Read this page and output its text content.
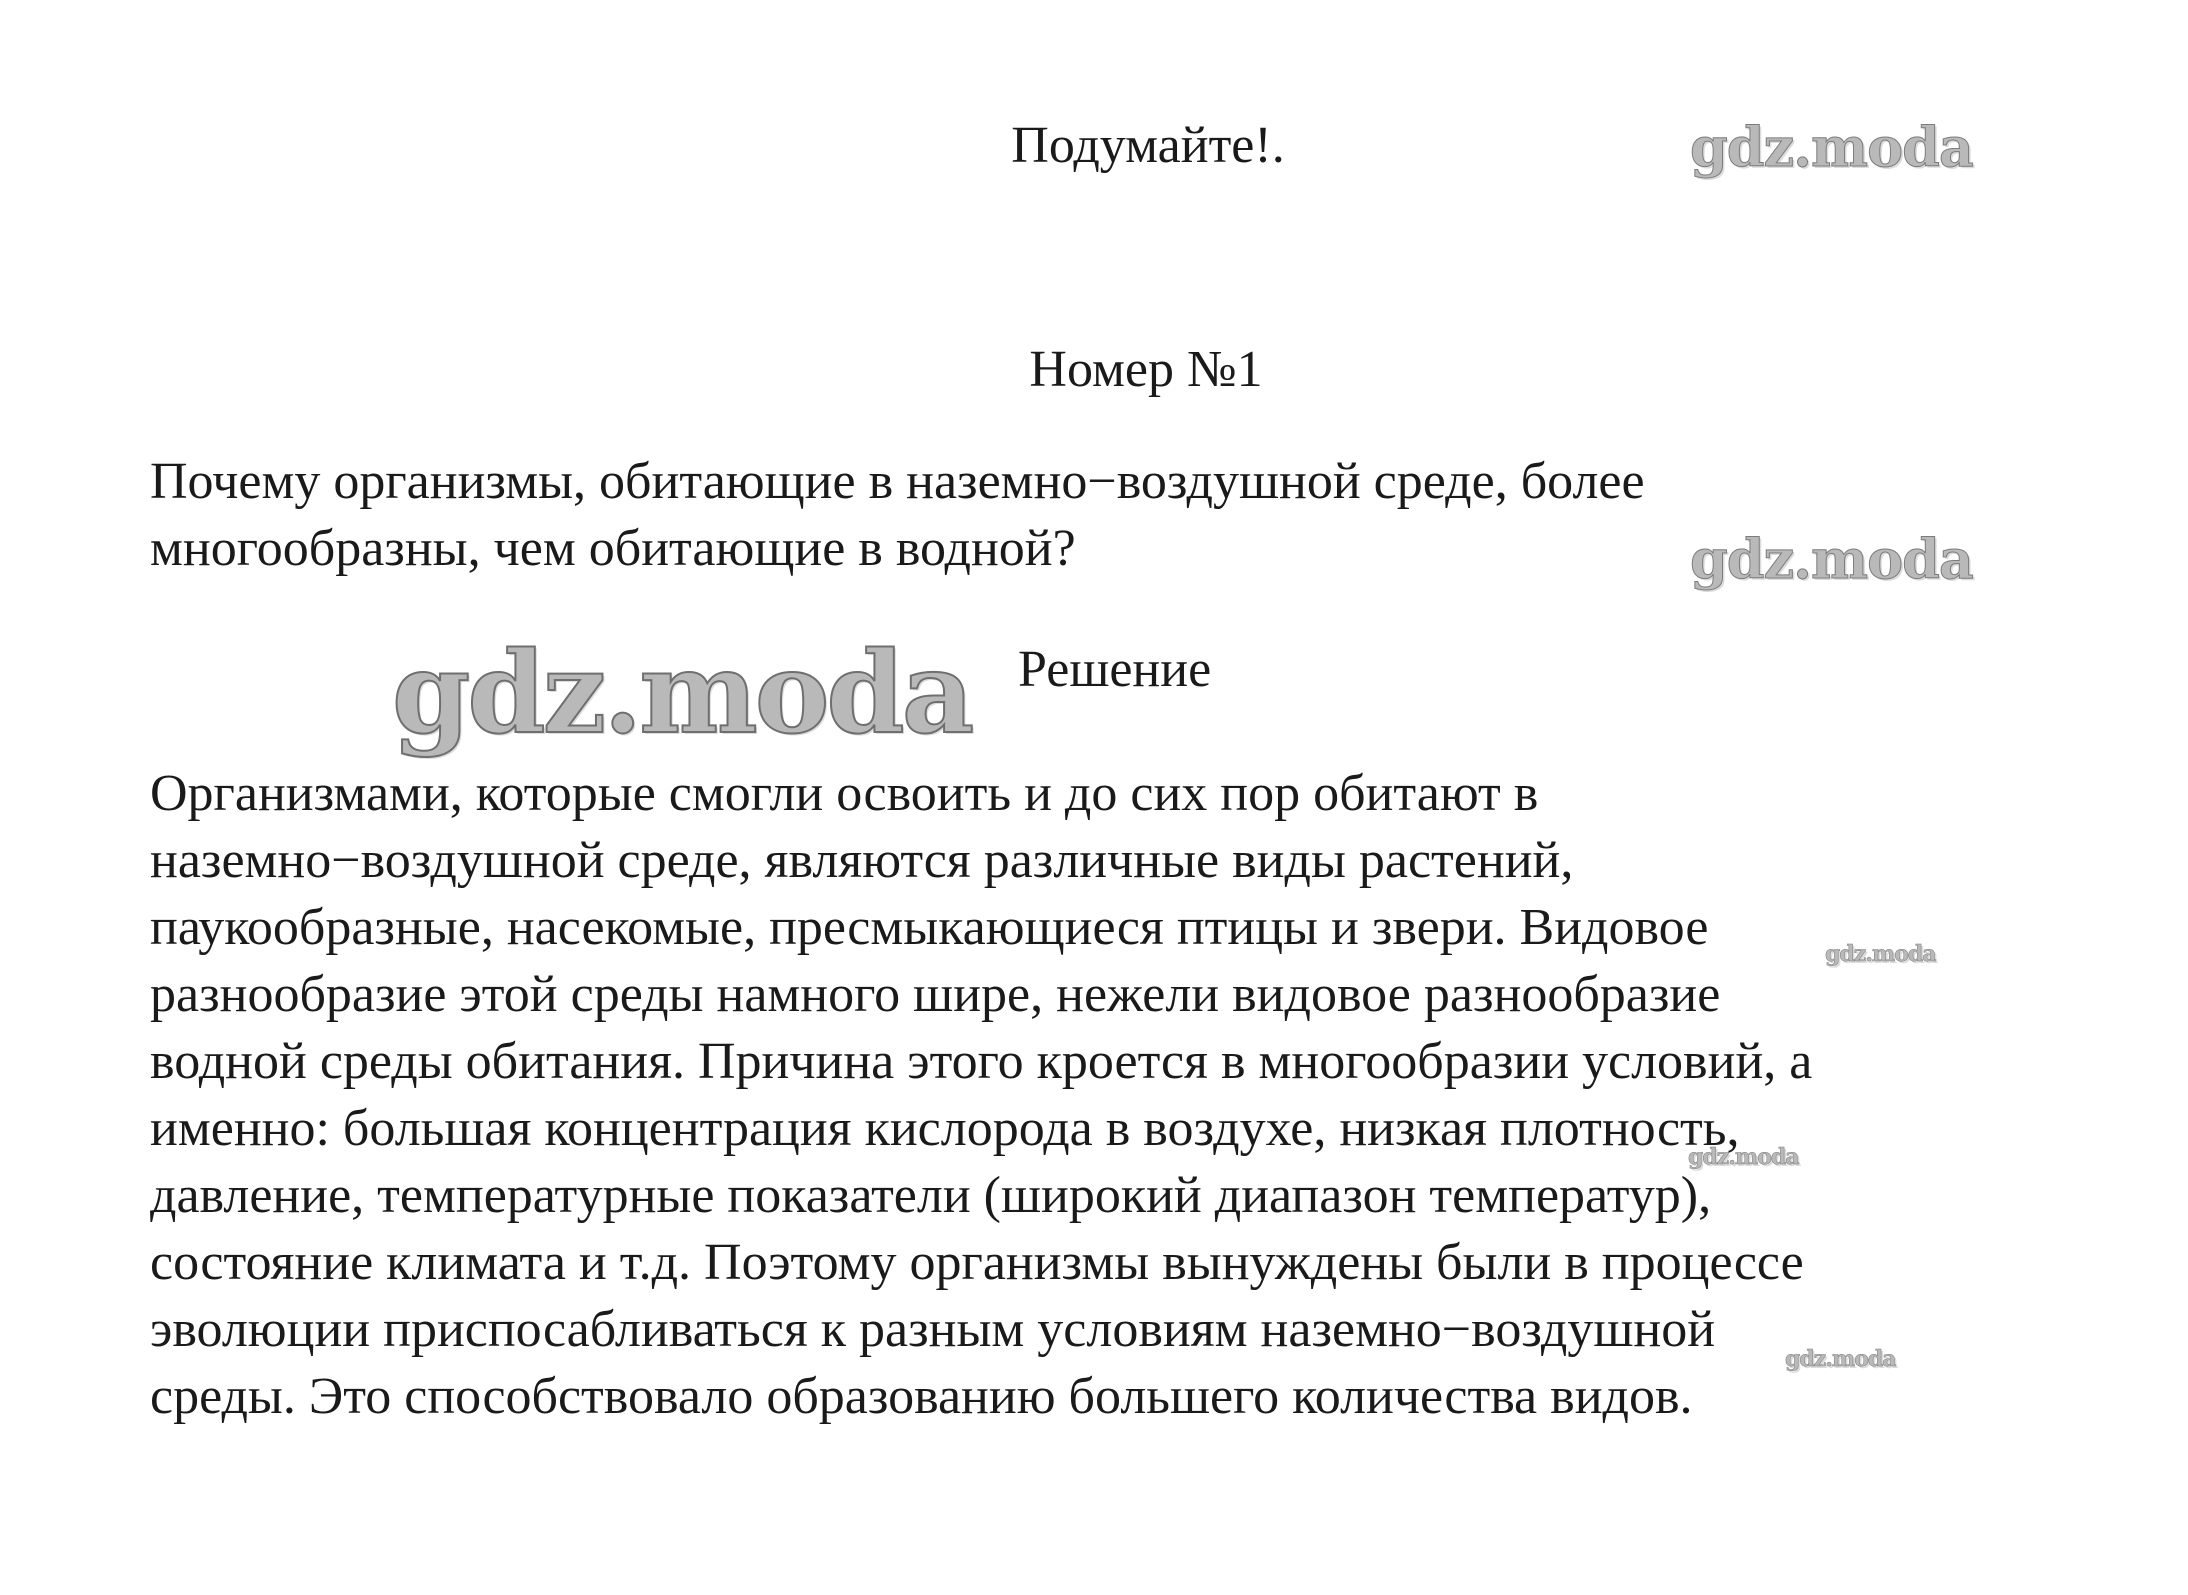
Подумайте!.	gdz.moda
Номер №1
Почему организмы, обитающие в наземно−воздушной среде, более
многообразны, чем обитающие в водной?	gdz.moda
gdz.moda Решение
Организмами, которые смогли освоить и до сих пор обитают в
наземно−воздушной среде, являются различные виды растений,
паукообразные, насекомые, пресмыкающиеся птицы и звери. Видовое
разнообразие этой среды намного шире, нежели видовое разнообразие
водной среды обитания. Причина этого кроется в многообразии условий, а
именно: большая концентрация кислорода в воздухе, низкая плотность,
давление, температурные показатели (широкий диапазон температур),
состояние климата и т.д. Поэтому организмы вынуждены были в процессе
эволюции приспосабливаться к разным условиям наземно−воздушной
среды. Это способствовало образованию большего количества видов.
gdz.moda
gdz.moda
gdz.moda
